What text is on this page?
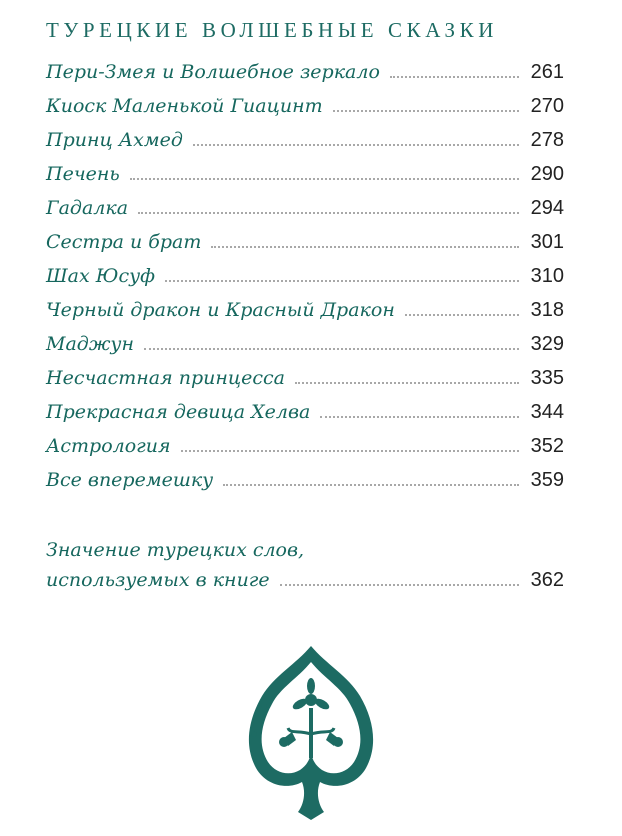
ТУРЕЦКИЕ ВОЛШЕБНЫЕ СКАЗКИ
Пери-Змея и Волшебное зеркало	261
Киоск Маленькой Гиацинт	270
Принц Ахмед	278
Печень	290
Гадалка	294
Сестра и брат	301
Шах Юсуф	310
Черный дракон и Красный Дракон	318
Маджун	329
Несчастная принцесса	335
Прекрасная девица Хелва	344
Астрология	352
Все вперемешку	359
Значение турецких слов,
используемых в книге	362
